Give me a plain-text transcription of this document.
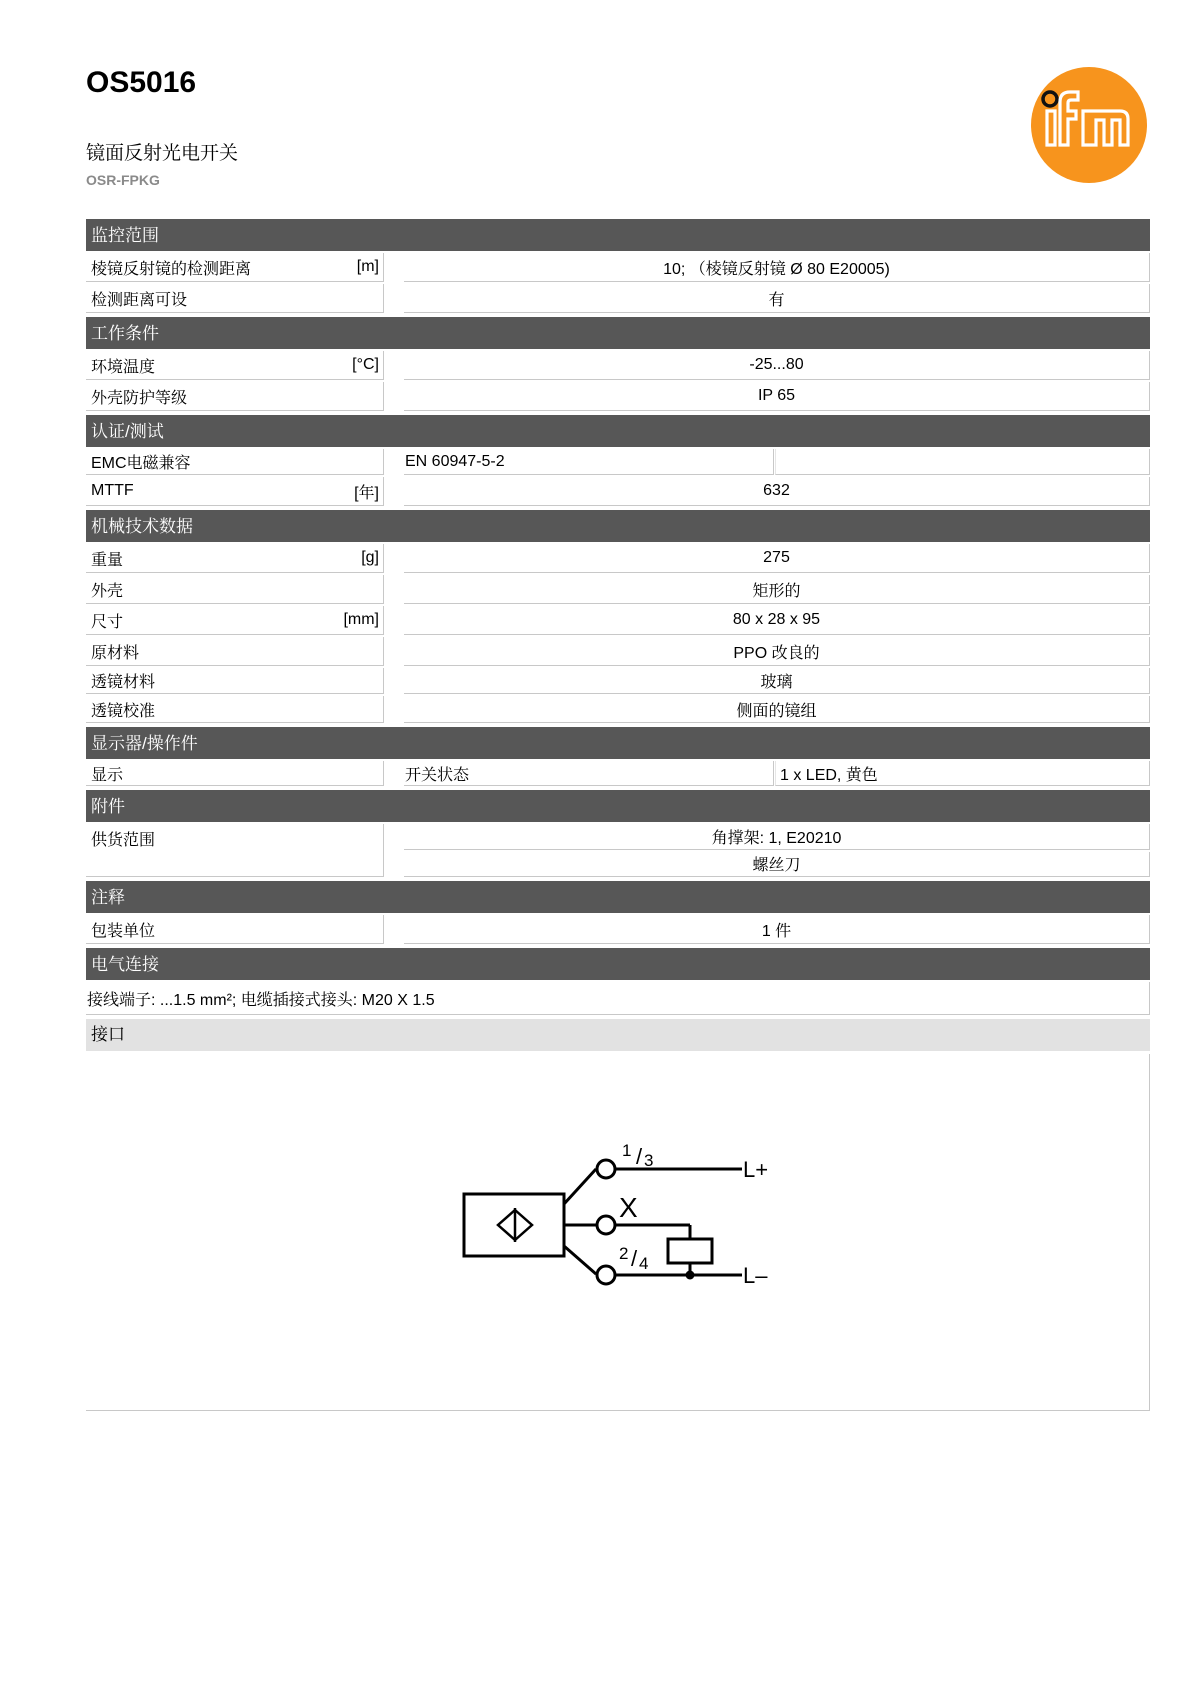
OS5016
镜面反射光电开关
OSR-FPKG
监控范围
棱镜反射镜的检测距离	[m]	10; （棱镜反射镜 Ø 80 E20005)
检测距离可设	有
工作条件
环境温度	[°C]	-25...80
外壳防护等级	IP 65
认证/测试
EMC电磁兼容	EN 60947-5-2
MTTF	[年]	632
机械技术数据
重量	[g]	275
外壳	矩形的
尺寸	[mm]	80 x 28 x 95
原材料	PPO 改良的
透镜材料	玻璃
透镜校准	侧面的镜组
显示器/操作件
显示	开关状态	1 x LED, 黄色
附件
供货范围	角撑架: 1, E20210
螺丝刀
注释
包装单位	1 件
电气连接
接线端子: ...1.5 mm²; 电缆插接式接头: M20 X 1.5
接口
1 / 3
X
2 / 4
L+
L–
